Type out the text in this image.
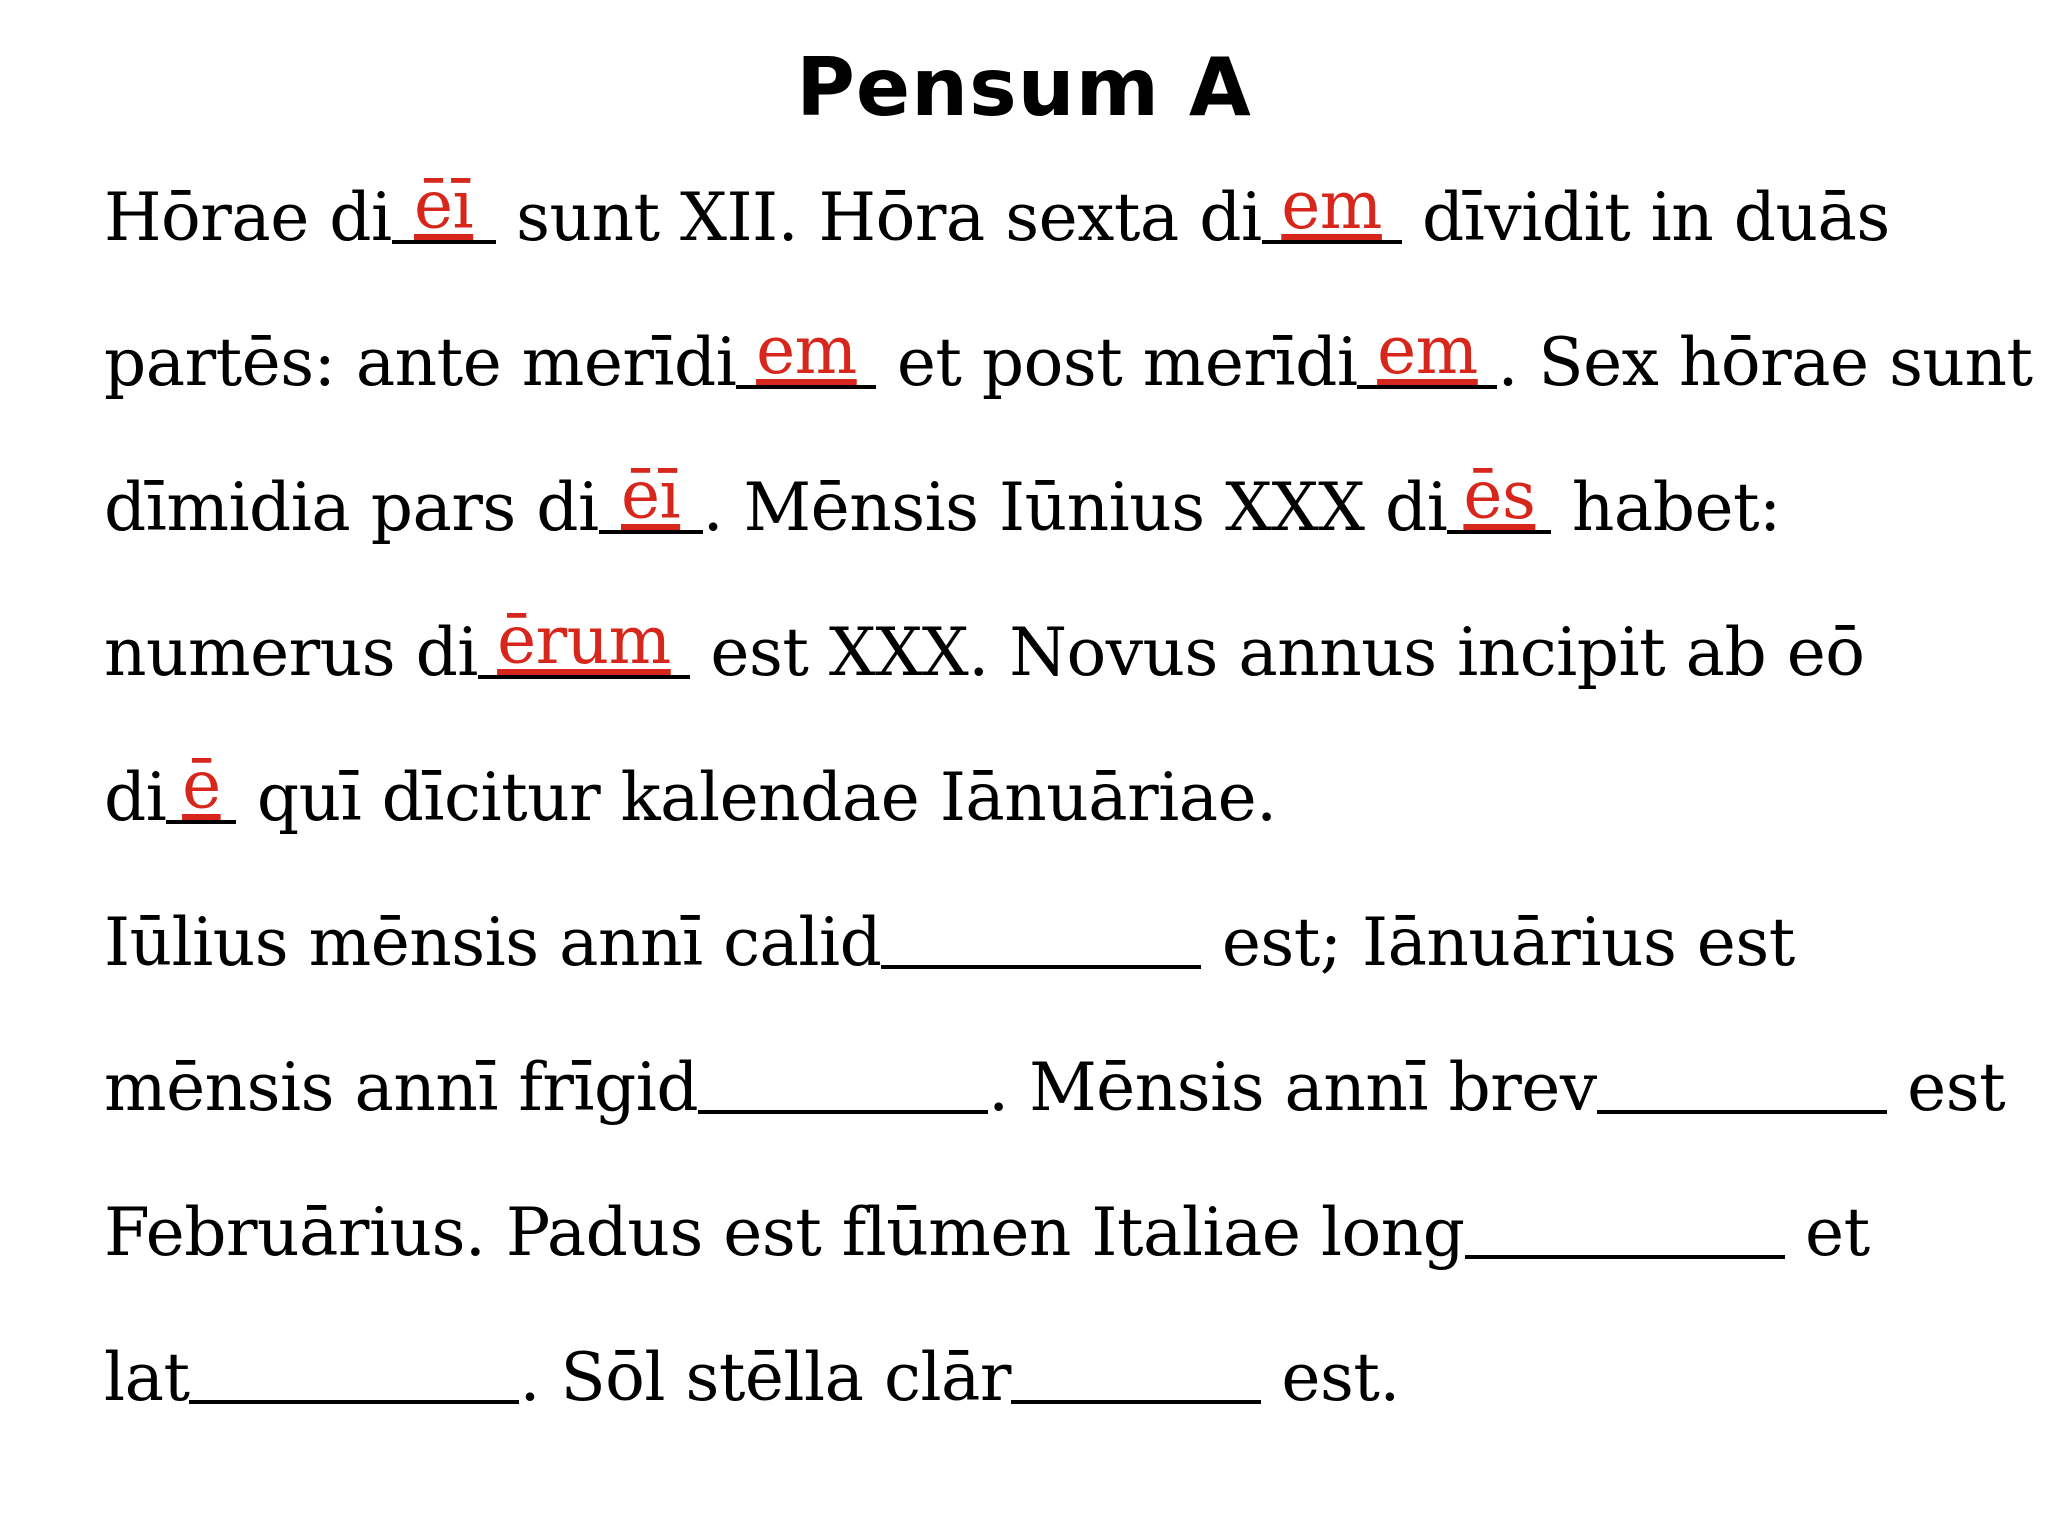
Pensum A
Hōrae di ēī sunt XII. Hōra sexta di em dīvidit in duās
partēs: ante merīdi em et post merīdi em . Sex hōrae sunt
dīmidia pars di ēī . Mēnsis Iūnius XXX di ēs habet:
numerus di ērum est XXX. Novus annus incipit ab eō
di ē quī dīcitur kalendae Iānuāriae.
Iūlius mēnsis annī calid	est; Iānuārius est
mēnsis annī frīgid	. Mēnsis annī brev	est
Februārius. Padus est flūmen Italiae long	et
lat	. Sōl stēlla clār	est.
